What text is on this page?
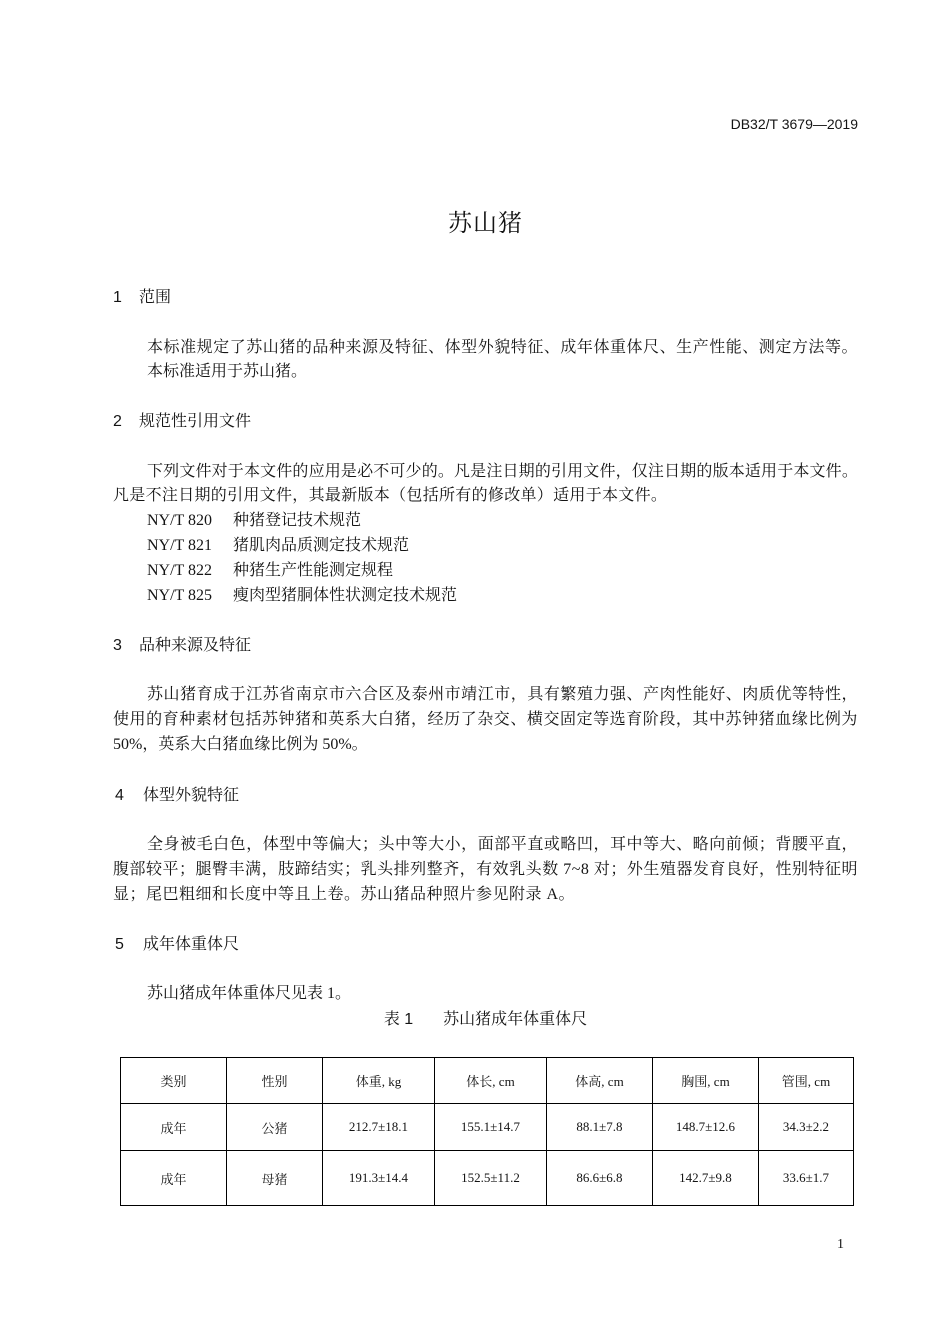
DB32/T 3679—2019
苏山猪
1 范围
本标准规定了苏山猪的品种来源及特征、体型外貌特征、成年体重体尺、生产性能、测定方法等。
本标准适用于苏山猪。
2 规范性引用文件
下列文件对于本文件的应用是必不可少的。凡是注日期的引用文件，仅注日期的版本适用于本文件。
凡是不注日期的引用文件，其最新版本（包括所有的修改单）适用于本文件。
NY/T 820 种猪登记技术规范
NY/T 821 猪肌肉品质测定技术规范
NY/T 822 种猪生产性能测定规程
NY/T 825 瘦肉型猪胴体性状测定技术规范
3 品种来源及特征
苏山猪育成于江苏省南京市六合区及泰州市靖江市，具有繁殖力强、产肉性能好、肉质优等特性，
使用的育种素材包括苏钟猪和英系大白猪，经历了杂交、横交固定等选育阶段，其中苏钟猪血缘比例为
50%，英系大白猪血缘比例为 50%。
4 体型外貌特征
全身被毛白色，体型中等偏大；头中等大小，面部平直或略凹，耳中等大、略向前倾；背腰平直，
腹部较平；腿臀丰满，肢蹄结实；乳头排列整齐，有效乳头数 7~8 对；外生殖器发育良好，性别特征明
显；尾巴粗细和长度中等且上卷。苏山猪品种照片参见附录 A。
5 成年体重体尺
苏山猪成年体重体尺见表 1。
表 1 苏山猪成年体重体尺
类别	性别	体重, kg	体长, cm	体高, cm	胸围, cm	管围, cm
成年	公猪	212.7±18.1	155.1±14.7	88.1±7.8	148.7±12.6	34.3±2.2
成年	母猪	191.3±14.4	152.5±11.2	86.6±6.8	142.7±9.8	33.6±1.7
1
